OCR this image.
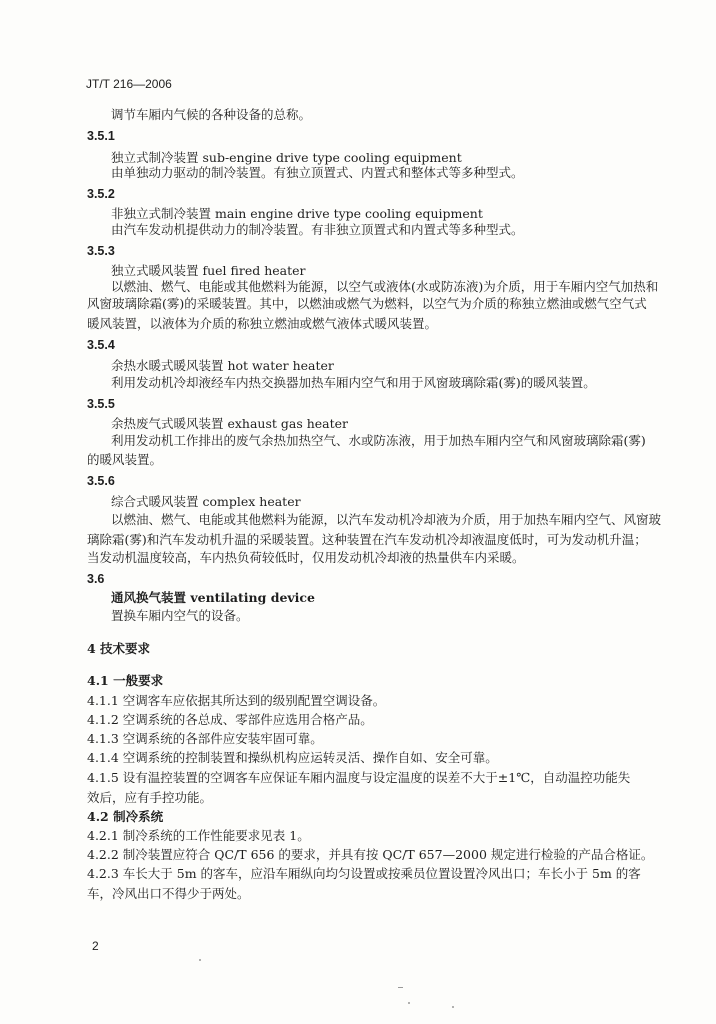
JT/T 216—2006
调节车厢内气候的各种设备的总称。
3.5.1
独立式制冷装置 sub-engine drive type cooling equipment
由单独动力驱动的制冷装置。有独立顶置式、内置式和整体式等多种型式。
3.5.2
非独立式制冷装置 main engine drive type cooling equipment
由汽车发动机提供动力的制冷装置。有非独立顶置式和内置式等多种型式。
3.5.3
独立式暖风装置 fuel fired heater
以燃油、燃气、电能或其他燃料为能源，以空气或液体(水或防冻液)为介质，用于车厢内空气加热和
风窗玻璃除霜(雾)的采暖装置。其中，以燃油或燃气为燃料，以空气为介质的称独立燃油或燃气空气式
暖风装置，以液体为介质的称独立燃油或燃气液体式暖风装置。
3.5.4
余热水暖式暖风装置 hot water heater
利用发动机冷却液经车内热交换器加热车厢内空气和用于风窗玻璃除霜(雾)的暖风装置。
3.5.5
余热废气式暖风装置 exhaust gas heater
利用发动机工作排出的废气余热加热空气、水或防冻液，用于加热车厢内空气和风窗玻璃除霜(雾)
的暖风装置。
3.5.6
综合式暖风装置 complex heater
以燃油、燃气、电能或其他燃料为能源，以汽车发动机冷却液为介质，用于加热车厢内空气、风窗玻
璃除霜(雾)和汽车发动机升温的采暖装置。这种装置在汽车发动机冷却液温度低时，可为发动机升温；
当发动机温度较高，车内热负荷较低时，仅用发动机冷却液的热量供车内采暖。
3.6
通风换气装置 ventilating device
置换车厢内空气的设备。
4 技术要求
4.1 一般要求
4.1.1 空调客车应依据其所达到的级别配置空调设备。
4.1.2 空调系统的各总成、零部件应选用合格产品。
4.1.3 空调系统的各部件应安装牢固可靠。
4.1.4 空调系统的控制装置和操纵机构应运转灵活、操作自如、安全可靠。
4.1.5 设有温控装置的空调客车应保证车厢内温度与设定温度的误差不大于±1℃，自动温控功能失
效后，应有手控功能。
4.2 制冷系统
4.2.1 制冷系统的工作性能要求见表 1。
4.2.2 制冷装置应符合 QC/T 656 的要求，并具有按 QC/T 657—2000 规定进行检验的产品合格证。
4.2.3 车长大于 5m 的客车，应沿车厢纵向均匀设置或按乘员位置设置冷风出口；车长小于 5m 的客
车，冷风出口不得少于两处。
2
